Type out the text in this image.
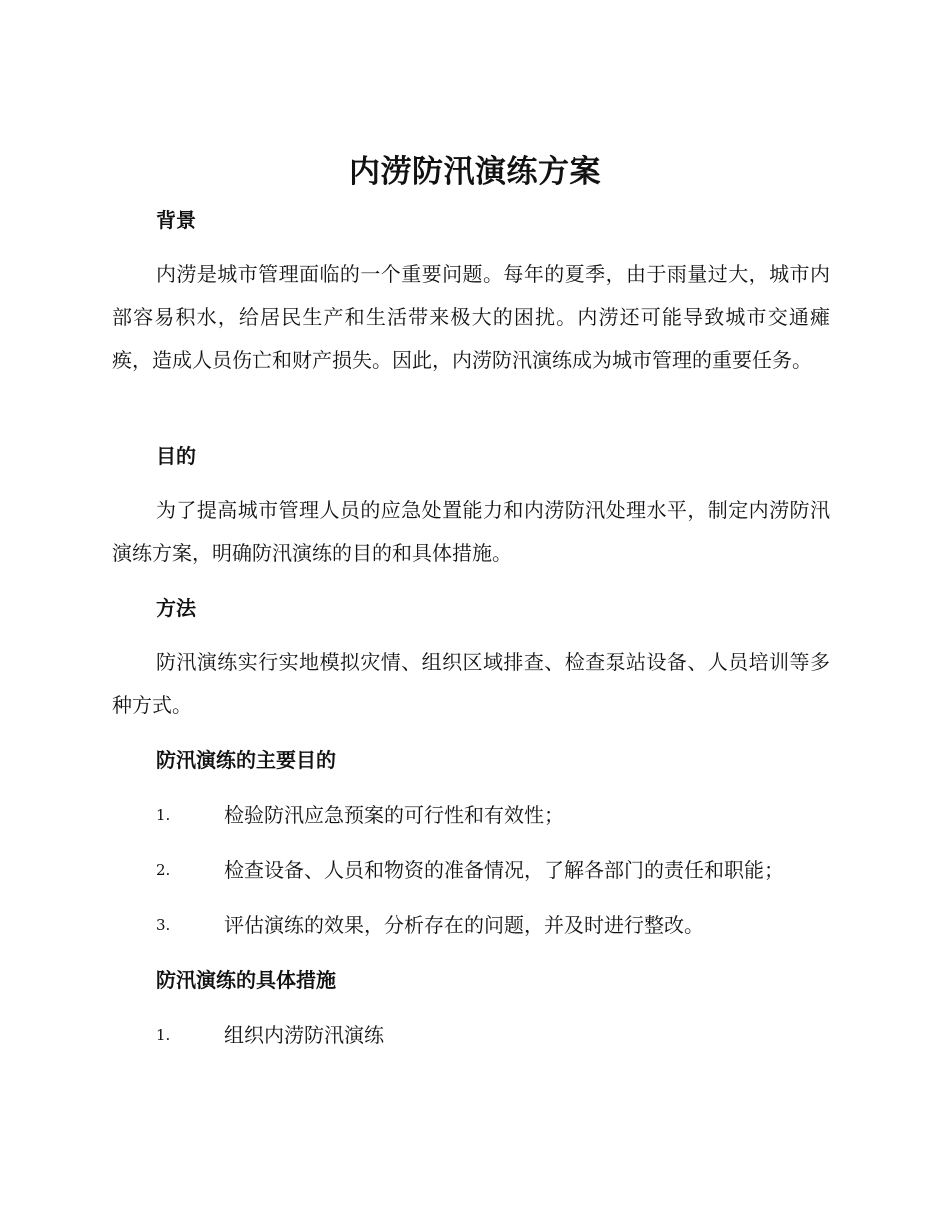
内涝防汛演练方案
背景

内涝是城市管理面临的一个重要问题。每年的夏季，由于雨量过大，城市内部容易积水，给居民生产和生活带来极大的困扰。内涝还可能导致城市交通瘫痪，造成人员伤亡和财产损失。因此，内涝防汛演练成为城市管理的重要任务。

目的

为了提高城市管理人员的应急处置能力和内涝防汛处理水平，制定内涝防汛演练方案，明确防汛演练的目的和具体措施。

方法

防汛演练实行实地模拟灾情、组织区域排查、检查泵站设备、人员培训等多种方式。

防汛演练的主要目的
1.	检验防汛应急预案的可行性和有效性；
2.	检查设备、人员和物资的准备情况，了解各部门的责任和职能；
3.	评估演练的效果，分析存在的问题，并及时进行整改。
防汛演练的具体措施
1.	组织内涝防汛演练
